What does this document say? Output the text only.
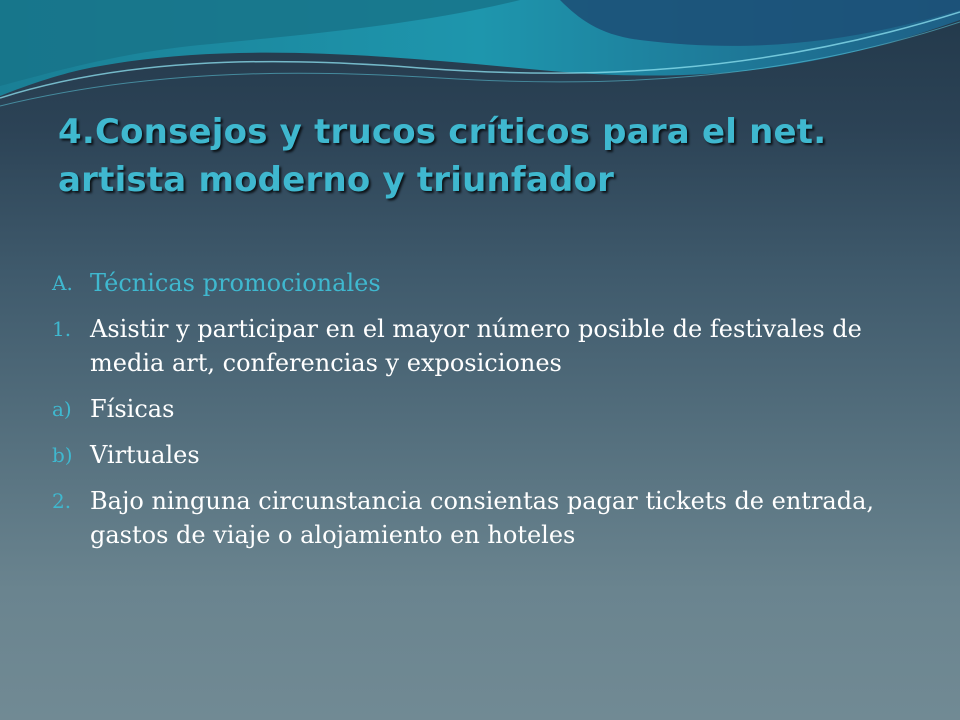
4.Consejos y trucos críticos para el net.
artista moderno y triunfador
A. Técnicas promocionales
1. Asistir y participar en el mayor número posible de festivales de media art, conferencias y exposiciones
a) Físicas
b) Virtuales
2. Bajo ninguna circunstancia consientas pagar tickets de entrada, gastos de viaje o alojamiento en hoteles
